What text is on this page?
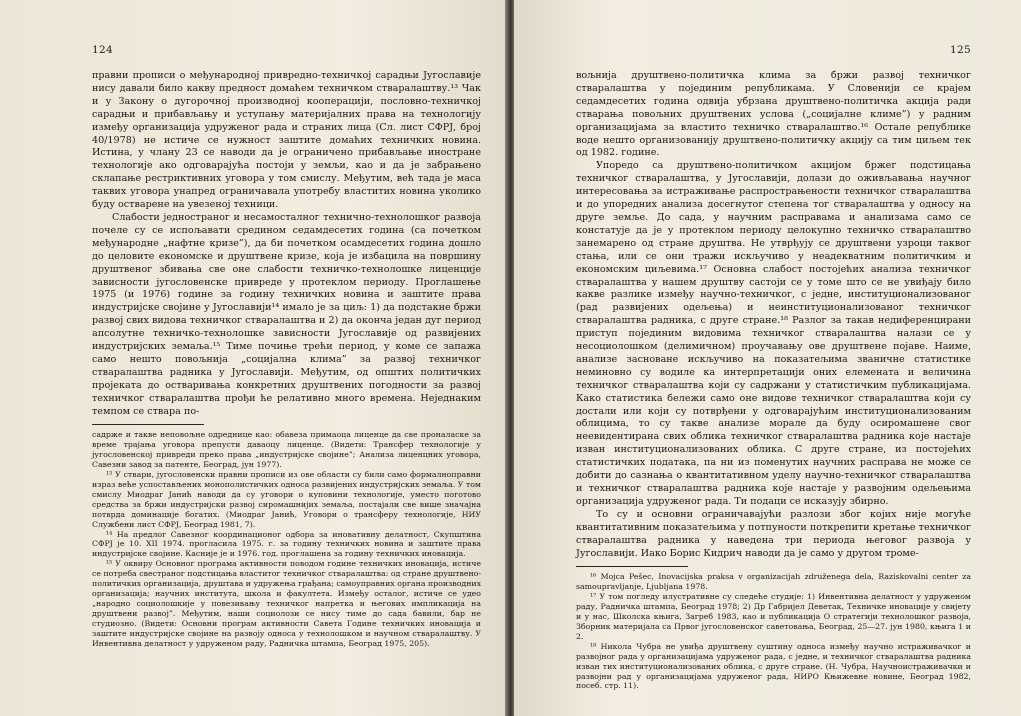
124

правни прописи о међународној привредно-техничкој сарадњи Југославије нису давали било какву предност домаћем техничком стваралаштву.¹³ Чак и у Закону о дугорочној производној кооперацији, пословно-техничкој сарадњи и прибављању и уступању материјалних права на технологију између организација удруженог рада и страних лица (Сл. лист СФРЈ, број 40/1978) не истиче се нужност заштите домаћих техничких новина. Истина, у члану 23 се наводи да је ограничено прибављање иностране технологије ако одговарајућа постоји у земљи, као и да је забрањено склапање рестриктивних уговора у том смислу. Међутим, већ тада је маса таквих уговора унапред ограничавала употребу властитих новина уколико буду остварене на увезеној техници.

Слабости једностраног и несамосталног технично-технолошког развоја почеле су се испољавати средином седамдесетих година (са почетком међународне „нафтне кризе”), да би почетком осамдесетих година дошло до целовите економске и друштвене кризе, која је избацила на површину друштвеног збивања све оне слабости техничко-технолошке лиценције зависности југословенске привреде у протеклом периоду. Проглашење 1975 (и 1976) године за годину техничких новина и заштите права индустријске својине у Југославији¹⁴ имало је за циљ: 1) да подстакне бржи развој свих видова техничког стваралаштва и 2) да оконча један дуг период апсолутне техничко-технолошке зависности Југославије од развијених индустријских земаља.¹⁵ Тиме почиње трећи период, у коме се запажа само нешто повољнија „социјална клима” за развој техничког стваралаштва радника у Југославији. Међутим, од општих политичких пројеката до остваривања конкретних друштвених погодности за развој техничког стваралаштва прођи ће релативно много времена. Неједнаким темпом се ствара по-

садрже и такве неповољне одреднице као: обавеза примаоца лиценце да све проналаске за време трајања уговора препусти даваоцу лиценце. (Видети: Трансфер технологије у југословенској привреди преко права „индустријске својине”; Анализа лиценцних уговора, Савезни завод за патенте, Београд, јун 1977).

¹³ У ствари, југословенски правни прописи из ове области су били само формалноправни израз веће успостављених монополистичких односа развијених индустријских земаља. У том смислу Миодраг Јанић наводи да су уговори о куповини технологије, уместо поготово средства за бржи индустријски развој сиромашнијих земаља, постајали све више значајна потврда доминације богатих. (Миодраг Јанић, Уговори о трансферу технологије, НИУ Службени лист СФРЈ, Београд 1981, 7).

¹⁴ На предлог Савезног координационог одбора за иновативну делатност, Скупштина СФРЈ је 10. XII 1974. прогласила 1975. г. за годину техничких новина и заштите права индустријске својине. Касније је и 1976. год. проглашена за годину техничких иновација.

¹⁵ У оквиру Основног програма активности поводом године техничких иновација, истиче се потреба свестраног подстицања властитог техничког стваралаштва: од стране друштвено-политичких организација, друштава и удружења грађана; самоуправних органа производних организација; научних институтa, школа и факултета. Између осталог, истиче се удео „народно социолошкије у повезивању техничког напретка и његових импликација на друштвени развој”. Међутим, наши социолози се нису тиме до сада бавили, бар не студиозно. (Видети: Основни програм активности Савета Године техничких иновација и заштите индустријске својине на развоју односа у технолошком и научном стваралаштву. У Инвентивна делатност у удруженом раду, Радничка штампа, Београд 1975, 205).

125

вољнија друштвено-политичка клима за бржи развој техничког стваралаштва у појединим републикама. У Словенији се крајем седамдесетих година одвија убрзана друштвено-политичка акција ради стварања повољних друштвених услова („социјалне климе”) у радним организацијама за властито техничко стваралаштво.¹⁶ Остале републике воде нешто организованију друштвено-политичку акцију са тим циљем тек од 1982. године.

Упоредо са друштвено-политичком акцијом бржег подстицања техничког стваралаштва, у Југославији, долази до оживљавања научног интересовања за истраживање распрострањености техничког стваралаштва и до упоредних анализа досегнутог степена тог стваралаштва у односу на друге земље. До сада, у научним расправама и анализама само се констатује да је у протеклом периоду целокупно техничко стваралаштво занемарено од стране друштва. Не утврђују се друштвени узроци таквог стања, или се они тражи искључиво у неадекватним политичким и економским циљевима.¹⁷ Основна слабост постојећих анализа техничког стваралаштва у нашем друштву састоји се у томе што се не увиђају било какве разлике између научно-техничког, с једне, институционализованог (рад развијених одељења) и неинституционализованог техничког стваралаштва радника, с друге стране.¹⁸ Разлог за такав недиференцирани приступ појединим видовима техничког стваралаштва налази се у несоциолошком (делимичном) проучавању ове друштвене појаве. Наиме, анализе засноване искључиво на показатељима званичне статистике неминовно су водиле ка интерпретацији оних елемената и величина техничког стваралаштва који су садржани у статистичким публикацијама. Како статистика бележи само оне видове техничког стваралаштва који су достали или који су потврђени у одговарајућим институционализованим облицима, то су такве анализе морале да буду осиромашене свог неевидентирана свих облика техничког стваралаштва радника које настаје изван институционализованих облика. С друге стране, из постојећих статистичких података, па ни из поменутих научних расправа не може се добити до сазнања о квантитативном уделу научно-техничког стваралаштва и техничког стваралаштва радника које настаје у развојним одељењима организација удруженог рада. Ти подаци се исказују збирно.

То су и основни ограничавајући разлози због којих није могуће квантитативним показатељима у потпуности поткрепити кретање техничког стваралаштва радника у наведена три периода његовог развоја у Југославији. Иако Борис Кидрич наводи да је само у другом троме-

¹⁶ Mojca Pešec, Inovacijska praksa v organizacijah združenega dela, Raziskovalni center za samoupravljanje, Ljubljana 1978.

¹⁷ У том погледу илустративне су следеће студије: 1) Инвентивна делатност у удруженом раду, Радничка штампа, Београд 1978; 2) Др Габријел Деветак, Техничке иновације у свијету и у нас, Школска књига, Загреб 1983, као и публикација О стратегији технолошког развоја, Зборник материјала са Првог југословенског саветовања, Београд, 25—27. јун 1980, књига 1 и 2.

¹⁸ Никола Чубра не увиђа друштвену суштину односа између научно истраживачког и развојног рада у организацијама удруженог рада, с једне, и техничког стваралаштва радника изван тих институционализованих облика, с друге стране. (Н. Чубра, Научноистраживачки и развојни рад у организацијама удруженог рада, НИРО Књижевне новине, Београд 1982, посеб. стр. 11).
